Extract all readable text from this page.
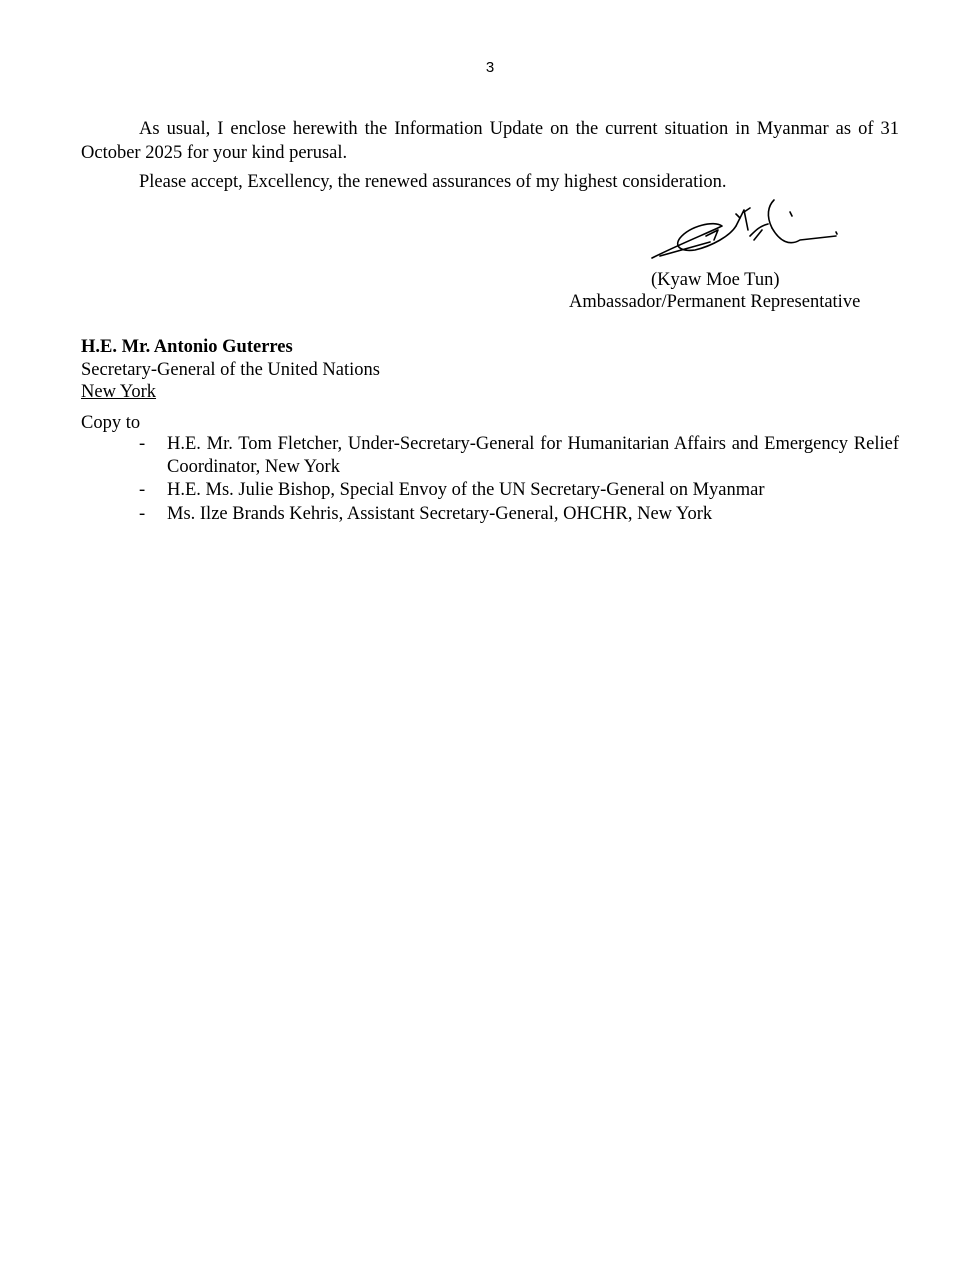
3

As usual, I enclose herewith the Information Update on the current situation in Myanmar as of 31 October 2025 for your kind perusal.

Please accept, Excellency, the renewed assurances of my highest consideration.

(Kyaw Moe Tun)
Ambassador/Permanent Representative
H.E. Mr. Antonio Guterres
Secretary-General of the United Nations
New York
Copy to
- H.E. Mr. Tom Fletcher, Under-Secretary-General for Humanitarian Affairs and Emergency Relief Coordinator, New York
- H.E. Ms. Julie Bishop, Special Envoy of the UN Secretary-General on Myanmar
- Ms. Ilze Brands Kehris, Assistant Secretary-General, OHCHR, New York
